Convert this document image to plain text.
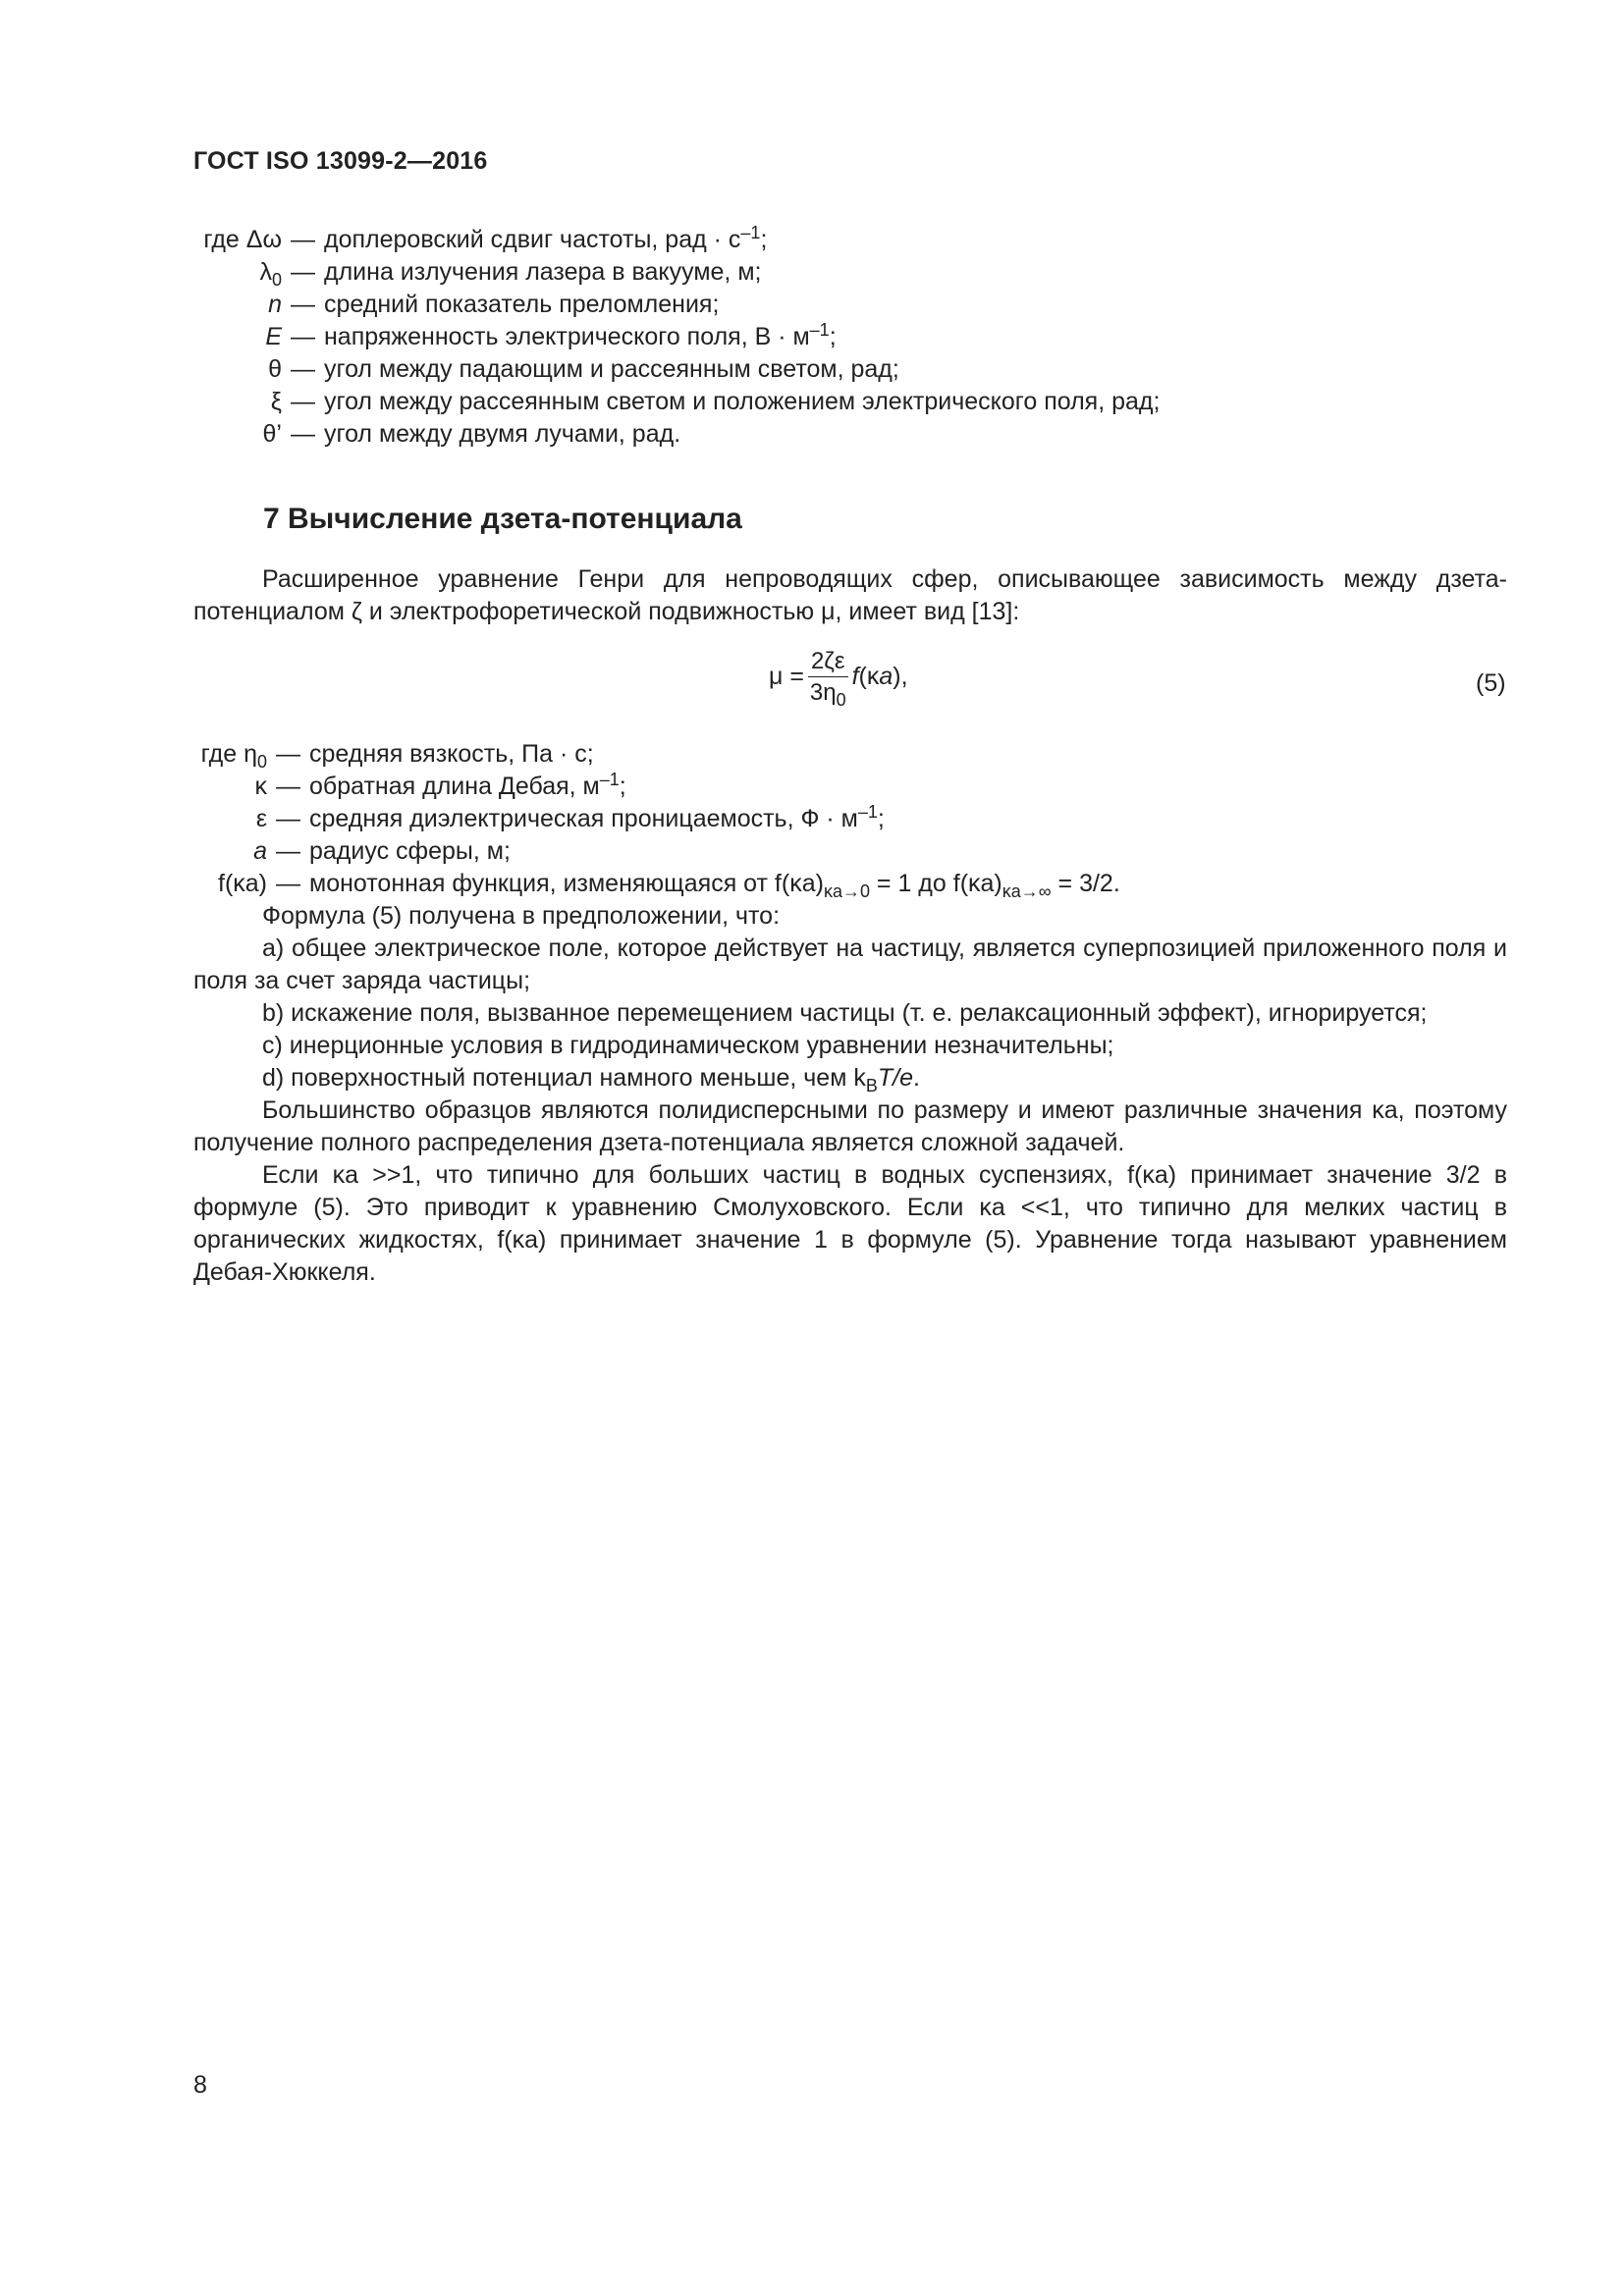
ГОСТ ISO 13099-2—2016
где Δω — доплеровский сдвиг частоты, рад · $с^{-1}$;
$\lambda_0$ — длина излучения лазера в вакууме, м;
n — средний показатель преломления;
E — напряженность электрического поля, $В \cdot м^{-1}$;
θ — угол между падающим и рассеянным светом, рад;
ξ — угол между рассеянным светом и положением электрического поля, рад;
θ’ — угол между двумя лучами, рад.
7 Вычисление дзета-потенциала

Расширенное уравнение Генри для непроводящих сфер, описывающее зависимость между дзета-потенциалом ζ и электрофоретической подвижностью μ, имеет вид [13]:

$\mu = \frac{2\zeta\varepsilon}{3\eta_0} f(\kappa a)$,	(5)
где $\eta_0$ — средняя вязкость, Па · с;
κ — обратная длина Дебая, $м^{-1}$;
ε — средняя диэлектрическая проницаемость, $Ф \cdot м^{-1}$;
a — радиус сферы, м;
f(κa) — монотонная функция, изменяющаяся от $f(\kappa a)_{\kappa a\to 0} = 1$ до $f(\kappa a)_{\kappa a\to\infty} = 3/2$.

Формула (5) получена в предположении, что:

a) общее электрическое поле, которое действует на частицу, является суперпозицией приложенного поля и поля за счет заряда частицы;

b) искажение поля, вызванное перемещением частицы (т. е. релаксационный эффект), игнорируется;

c) инерционные условия в гидродинамическом уравнении незначительны;

d) поверхностный потенциал намного меньше, чем $k_BT/e$.

Большинство образцов являются полидисперсными по размеру и имеют различные значения κa, поэтому получение полного распределения дзета-потенциала является сложной задачей.

Если κa >>1, что типично для больших частиц в водных суспензиях, f(κa) принимает значение 3/2 в формуле (5). Это приводит к уравнению Смолуховского. Если κa <<1, что типично для мелких частиц в органических жидкостях, f(κa) принимает значение 1 в формуле (5). Уравнение тогда называют уравнением Дебая-Хюккеля.

8
